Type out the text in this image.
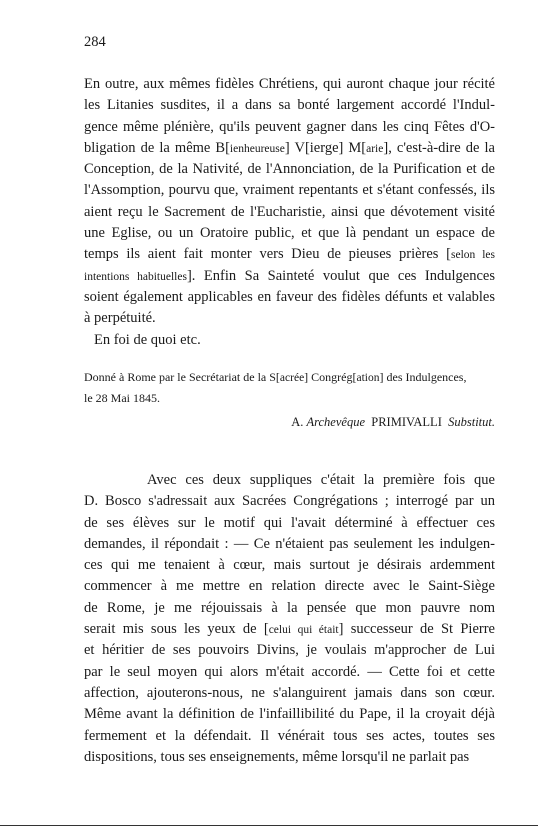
284
En outre, aux mêmes fidèles Chrétiens, qui auront chaque jour récité
les Litanies susdites, il a dans sa bonté largement accordé l'Indul-
gence même plénière, qu'ils peuvent gagner dans les cinq Fêtes d'O-
bligation de la même B[ienheureuse] V[ierge] M[arie], c'est-à-dire de la
Conception, de la Nativité, de l'Annonciation, de la Purification et de
l'Assomption, pourvu que, vraiment repentants et s'étant confessés, ils
aient reçu le Sacrement de l'Eucharistie, ainsi que dévotement visité
une Eglise, ou un Oratoire public, et que là pendant un espace de
temps ils aient fait monter vers Dieu de pieuses prières [selon les
intentions habituelles]. Enfin Sa Sainteté voulut que ces Indulgences
soient également applicables en faveur des fidèles défunts et valables
à perpétuité.
En foi de quoi etc.
Donné à Rome par le Secrétariat de la S[acrée] Congrég[ation] des Indulgences,
le 28 Mai 1845.
A. Archevêque PRIMIVALLI Substitut.
Avec ces deux suppliques c'était la première fois que
D. Bosco s'adressait aux Sacrées Congrégations ; interrogé par un
de ses élèves sur le motif qui l'avait déterminé à effectuer ces
demandes, il répondait : — Ce n'étaient pas seulement les indulgen-
ces qui me tenaient à cœur, mais surtout je désirais ardemment
commencer à me mettre en relation directe avec le Saint-Siège
de Rome, je me réjouissais à la pensée que mon pauvre nom
serait mis sous les yeux de [celui qui était] successeur de St Pierre
et héritier de ses pouvoirs Divins, je voulais m'approcher de Lui
par le seul moyen qui alors m'était accordé. — Cette foi et cette
affection, ajouterons-nous, ne s'alanguirent jamais dans son cœur.
Même avant la définition de l'infaillibilité du Pape, il la croyait déjà
fermement et la défendait. Il vénérait tous ses actes, toutes ses
dispositions, tous ses enseignements, même lorsqu'il ne parlait pas
